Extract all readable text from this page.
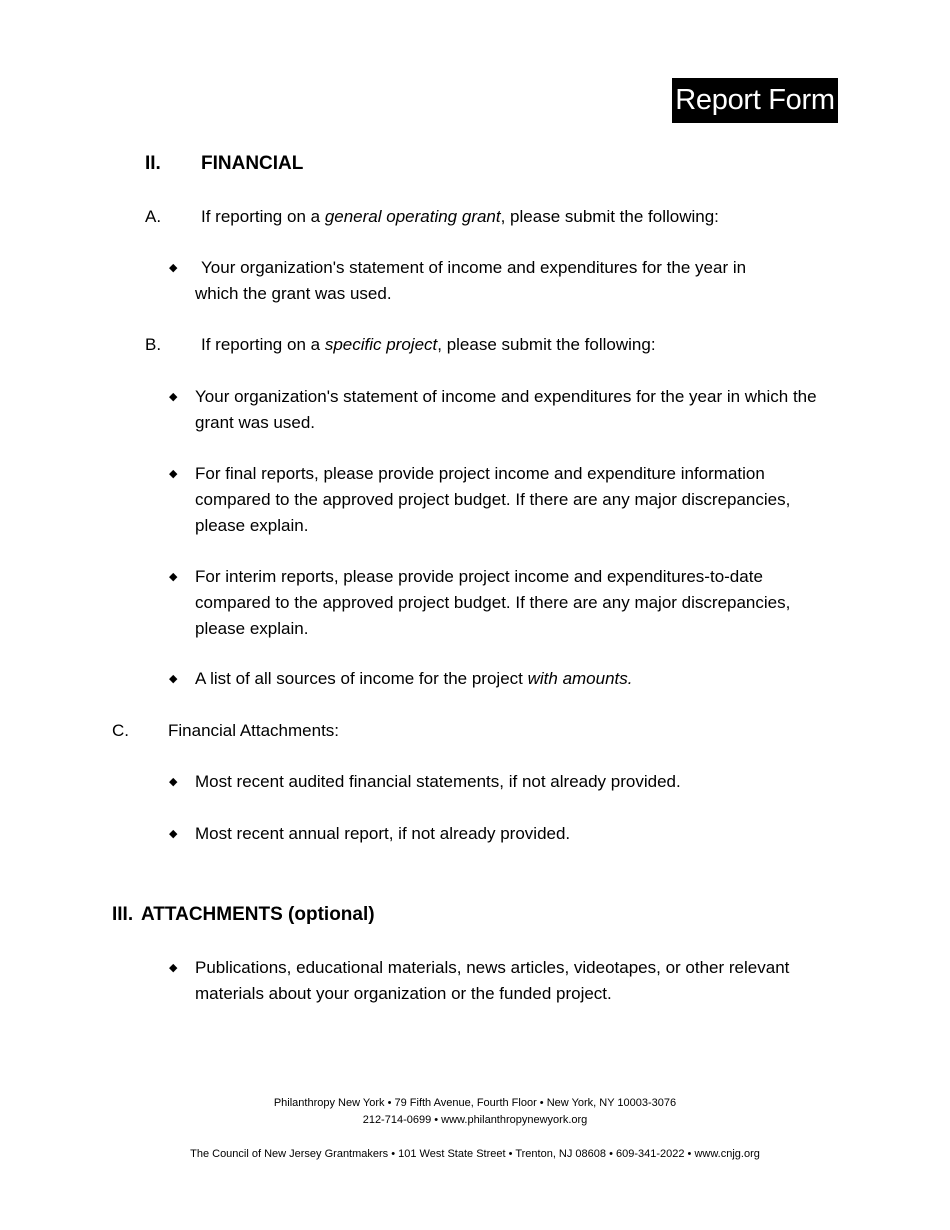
Report Form
II. FINANCIAL
A. If reporting on a general operating grant, please submit the following:
◆ Your organization's statement of income and expenditures for the year in
which the grant was used.
B. If reporting on a specific project, please submit the following:
◆ Your organization's statement of income and expenditures for the year in which the
grant was used.
◆ For final reports, please provide project income and expenditure information
compared to the approved project budget. If there are any major discrepancies,
please explain.
◆ For interim reports, please provide project income and expenditures-to-date
compared to the approved project budget. If there are any major discrepancies,
please explain.
◆ A list of all sources of income for the project with amounts.
C. Financial Attachments:
◆ Most recent audited financial statements, if not already provided.
◆ Most recent annual report, if not already provided.
III. ATTACHMENTS (optional)
◆ Publications, educational materials, news articles, videotapes, or other relevant
materials about your organization or the funded project.
Philanthropy New York • 79 Fifth Avenue, Fourth Floor • New York, NY 10003-3076
212-714-0699 • www.philanthropynewyork.org
The Council of New Jersey Grantmakers • 101 West State Street • Trenton, NJ 08608 • 609-341-2022 • www.cnjg.org
